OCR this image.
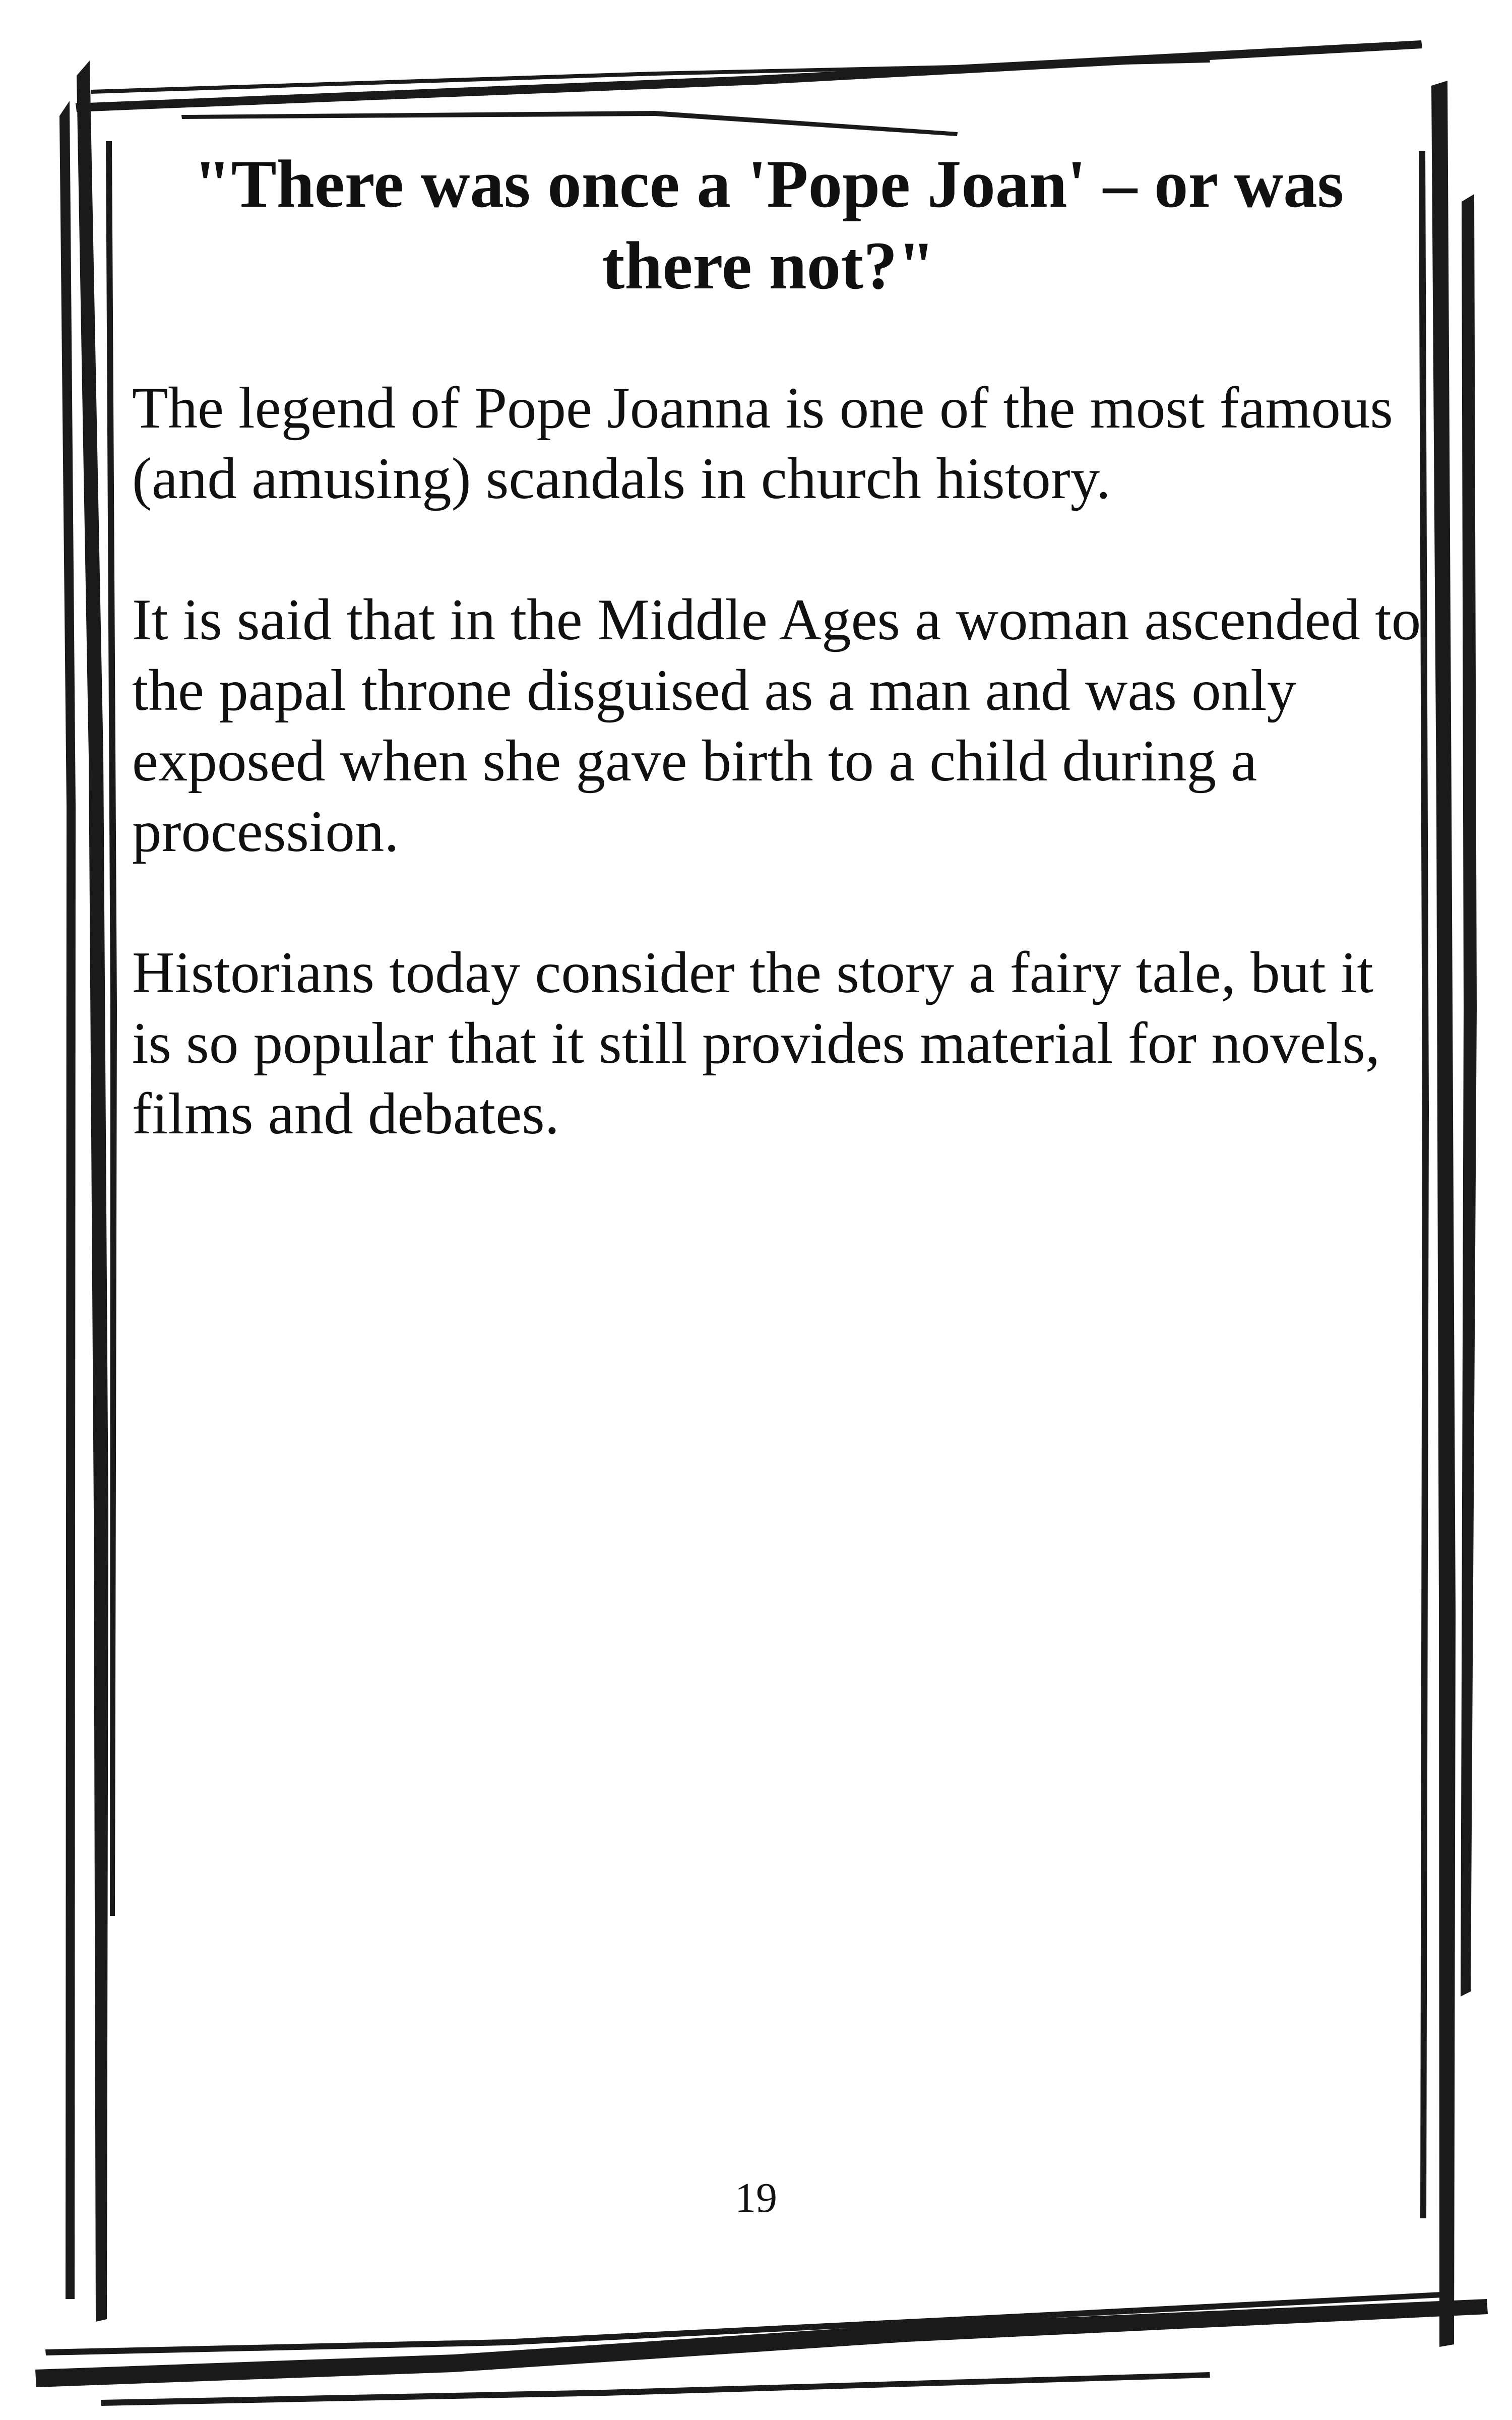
"There was once a 'Pope Joan' – or was there not?"

The legend of Pope Joanna is one of the most famous (and amusing) scandals in church history.

It is said that in the Middle Ages a woman ascended to the papal throne disguised as a man and was only exposed when she gave birth to a child during a procession.

Historians today consider the story a fairy tale, but it is so popular that it still provides material for novels, films and debates.

19
